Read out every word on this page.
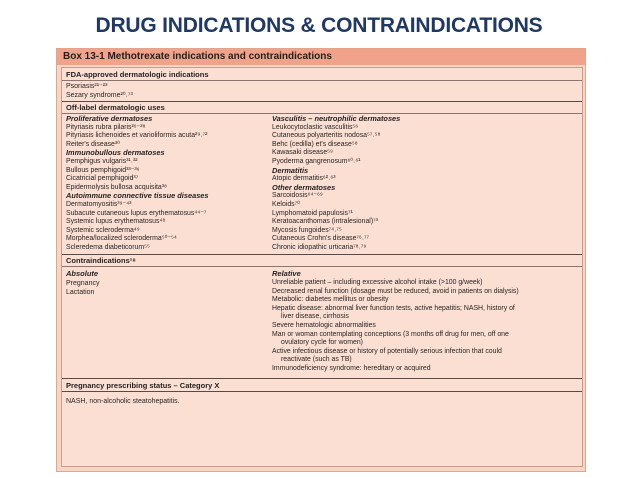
DRUG INDICATIONS & CONTRAINDICATIONS
Box 13-1 Methotrexate indications and contraindications
FDA-approved dermatologic indications
Psoriasis²¹⁻²³
Sezary syndrome²⁰˒⁷³
Off-label dermatologic uses
Proliferative dermatoses
Pityriasis rubra pilaris²⁶⁻²⁸
Pityriasis lichenoides et varioliformis acuta²⁹˒⁷²
Reiter's disease³⁰
Immunobullous dermatoses
Pemphigus vulgaris³¹˒³²
Bullous pemphigoid³³⁻³⁶
Cicatricial pemphigoid³⁷
Epidermolysis bullosa acquisita³⁸
Autoimmune connective tissue diseases
Dermatomyositis³⁹⁻⁴³
Subacute cutaneous lupus erythematosus⁴⁴⁻⁷
Systemic lupus erythematosus⁴⁸
Systemic scleroderma⁴⁹
Morphea/localized scleroderma⁵⁰⁻⁵⁴
Scleredema diabeticorum⁵⁵
Vasculitis – neutrophilic dermatoses
Leukocytoclastic vasculitis⁵⁶
Cutaneous polyarteritis nodosa⁵⁷˒⁵⁸
Behc (cedilla) et's disease⁵⁸
Kawasaki disease⁵⁹
Pyoderma gangrenosum⁶⁰˒⁶¹
Dermatitis
Atopic dermatitis⁶²˒⁶³
Other dermatoses
Sarcoidosis⁶⁴⁻⁶⁹
Keloids⁷⁰
Lymphomatoid papulosis⁷¹
Keratoacanthomas (intralesional)⁷³
Mycosis fungoides⁷⁴˒⁷⁵
Cutaneous Crohn's disease⁷⁶˒⁷⁷
Chronic idiopathic urticaria⁷⁸˒⁷⁹
Contraindications¹⁸
Absolute
Pregnancy
Lactation
Relative
Unreliable patient – including excessive alcohol intake (>100 g/week)
Decreased renal function (dosage must be reduced, avoid in patients on dialysis)
Metabolic: diabetes mellitus or obesity
Hepatic disease: abnormal liver function tests, active hepatitis; NASH, history of
liver disease, cirrhosis
Severe hematologic abnormalities
Man or woman contemplating conceptions (3 months off drug for men, off one
ovulatory cycle for women)
Active infectious disease or history of potentially serious infection that could
reactivate (such as TB)
Immunodeficiency syndrome: hereditary or acquired
Pregnancy prescribing status – Category X
NASH, non-alcoholic steatohepatitis.
